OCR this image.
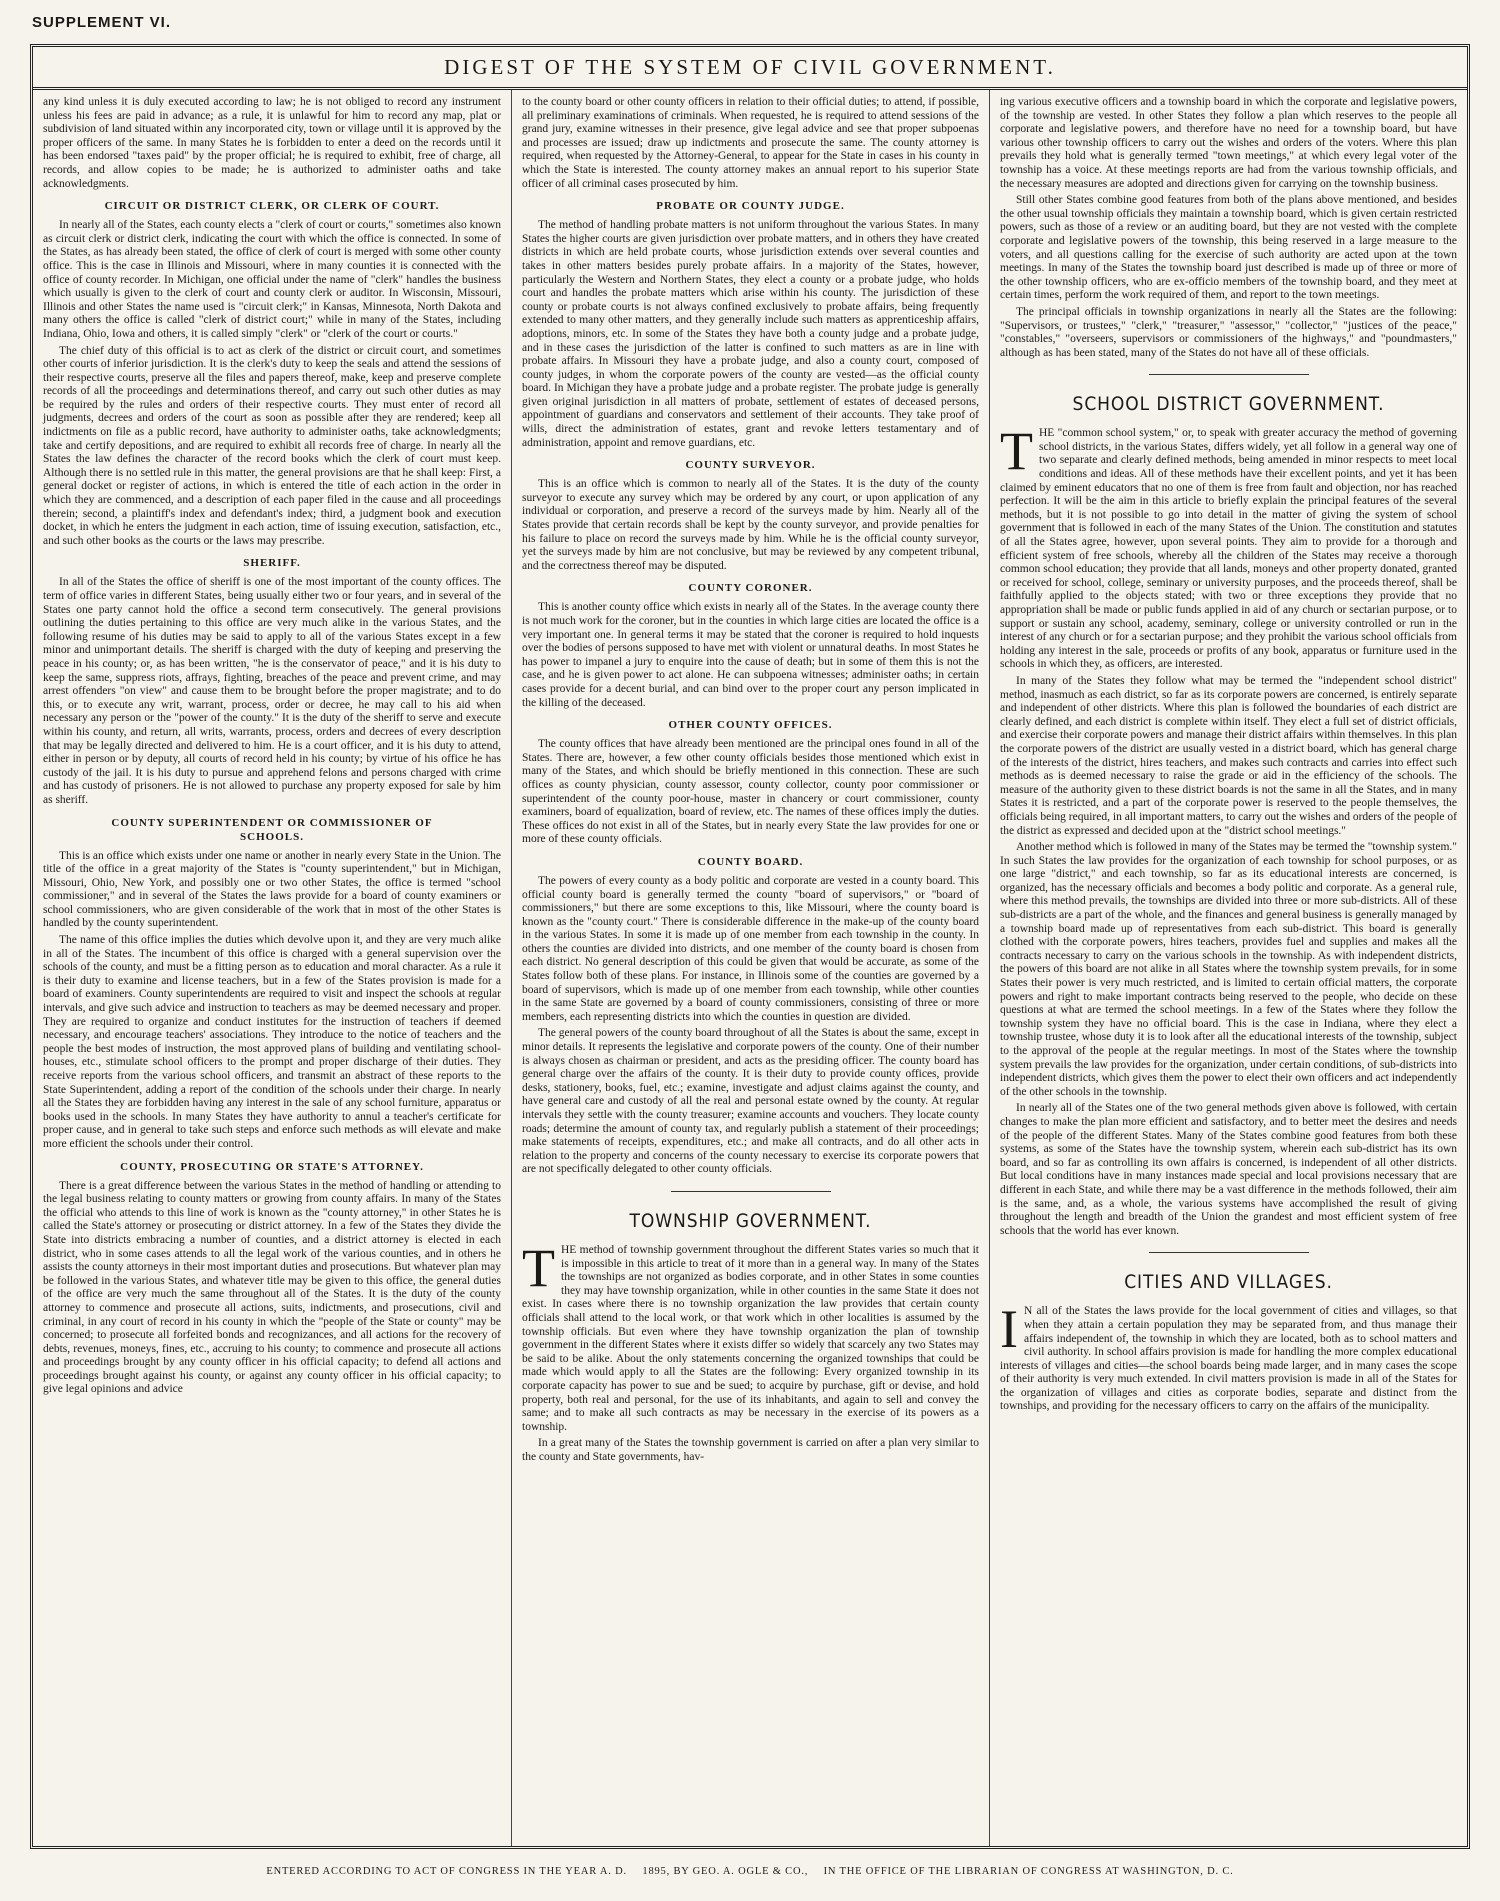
SUPPLEMENT VI.
DIGEST OF THE SYSTEM OF CIVIL GOVERNMENT.

any kind unless it is duly executed according to law; he is not obliged to record any instrument unless his fees are paid in advance; as a rule, it is unlawful for him to record any map, plat or subdivision of land situated within any incorporated city, town or village until it is approved by the proper officers of the same. In many States he is forbidden to enter a deed on the records until it has been endorsed "taxes paid" by the proper official; he is required to exhibit, free of charge, all records, and allow copies to be made; he is authorized to administer oaths and take acknowledgments.

CIRCUIT OR DISTRICT CLERK, OR CLERK OF COURT.

In nearly all of the States, each county elects a "clerk of court or courts," sometimes also known as circuit clerk or district clerk, indicating the court with which the office is connected. In some of the States, as has already been stated, the office of clerk of court is merged with some other county office. This is the case in Illinois and Missouri, where in many counties it is connected with the office of county recorder. In Michigan, one official under the name of "clerk" handles the business which usually is given to the clerk of court and county clerk or auditor. In Wisconsin, Missouri, Illinois and other States the name used is "circuit clerk;" in Kansas, Minnesota, North Dakota and many others the office is called "clerk of district court;" while in many of the States, including Indiana, Ohio, Iowa and others, it is called simply "clerk" or "clerk of the court or courts."

The chief duty of this official is to act as clerk of the district or circuit court, and sometimes other courts of inferior jurisdiction. It is the clerk's duty to keep the seals and attend the sessions of their respective courts, preserve all the files and papers thereof, make, keep and preserve complete records of all the proceedings and determinations thereof, and carry out such other duties as may be required by the rules and orders of their respective courts. They must enter of record all judgments, decrees and orders of the court as soon as possible after they are rendered; keep all indictments on file as a public record, have authority to administer oaths, take acknowledgments; take and certify depositions, and are required to exhibit all records free of charge. In nearly all the States the law defines the character of the record books which the clerk of court must keep. Although there is no settled rule in this matter, the general provisions are that he shall keep: First, a general docket or register of actions, in which is entered the title of each action in the order in which they are commenced, and a description of each paper filed in the cause and all proceedings therein; second, a plaintiff's index and defendant's index; third, a judgment book and execution docket, in which he enters the judgment in each action, time of issuing execution, satisfaction, etc., and such other books as the courts or the laws may prescribe.

SHERIFF.

In all of the States the office of sheriff is one of the most important of the county offices. The term of office varies in different States, being usually either two or four years, and in several of the States one party cannot hold the office a second term consecutively. The general provisions outlining the duties pertaining to this office are very much alike in the various States, and the following resume of his duties may be said to apply to all of the various States except in a few minor and unimportant details. The sheriff is charged with the duty of keeping and preserving the peace in his county; or, as has been written, "he is the conservator of peace," and it is his duty to keep the same, suppress riots, affrays, fighting, breaches of the peace and prevent crime, and may arrest offenders "on view" and cause them to be brought before the proper magistrate; and to do this, or to execute any writ, warrant, process, order or decree, he may call to his aid when necessary any person or the "power of the county." It is the duty of the sheriff to serve and execute within his county, and return, all writs, warrants, process, orders and decrees of every description that may be legally directed and delivered to him. He is a court officer, and it is his duty to attend, either in person or by deputy, all courts of record held in his county; by virtue of his office he has custody of the jail. It is his duty to pursue and apprehend felons and persons charged with crime and has custody of prisoners. He is not allowed to purchase any property exposed for sale by him as sheriff.

COUNTY SUPERINTENDENT OR COMMISSIONER OF
SCHOOLS.

This is an office which exists under one name or another in nearly every State in the Union. The title of the office in a great majority of the States is "county superintendent," but in Michigan, Missouri, Ohio, New York, and possibly one or two other States, the office is termed "school commissioner," and in several of the States the laws provide for a board of county examiners or school commissioners, who are given considerable of the work that in most of the other States is handled by the county superintendent.

The name of this office implies the duties which devolve upon it, and they are very much alike in all of the States. The incumbent of this office is charged with a general supervision over the schools of the county, and must be a fitting person as to education and moral character. As a rule it is their duty to examine and license teachers, but in a few of the States provision is made for a board of examiners. County superintendents are required to visit and inspect the schools at regular intervals, and give such advice and instruction to teachers as may be deemed necessary and proper. They are required to organize and conduct institutes for the instruction of teachers if deemed necessary, and encourage teachers' associations. They introduce to the notice of teachers and the people the best modes of instruction, the most approved plans of building and ventilating school-houses, etc., stimulate school officers to the prompt and proper discharge of their duties. They receive reports from the various school officers, and transmit an abstract of these reports to the State Superintendent, adding a report of the condition of the schools under their charge. In nearly all the States they are forbidden having any interest in the sale of any school furniture, apparatus or books used in the schools. In many States they have authority to annul a teacher's certificate for proper cause, and in general to take such steps and enforce such methods as will elevate and make more efficient the schools under their control.

COUNTY, PROSECUTING OR STATE'S ATTORNEY.

There is a great difference between the various States in the method of handling or attending to the legal business relating to county matters or growing from county affairs. In many of the States the official who attends to this line of work is known as the "county attorney," in other States he is called the State's attorney or prosecuting or district attorney. In a few of the States they divide the State into districts embracing a number of counties, and a district attorney is elected in each district, who in some cases attends to all the legal work of the various counties, and in others he assists the county attorneys in their most important duties and prosecutions. But whatever plan may be followed in the various States, and whatever title may be given to this office, the general duties of the office are very much the same throughout all of the States. It is the duty of the county attorney to commence and prosecute all actions, suits, indictments, and prosecutions, civil and criminal, in any court of record in his county in which the "people of the State or county" may be concerned; to prosecute all forfeited bonds and recognizances, and all actions for the recovery of debts, revenues, moneys, fines, etc., accruing to his county; to commence and prosecute all actions and proceedings brought by any county officer in his official capacity; to defend all actions and proceedings brought against his county, or against any county officer in his official capacity; to give legal opinions and advice

to the county board or other county officers in relation to their official duties; to attend, if possible, all preliminary examinations of criminals. When requested, he is required to attend sessions of the grand jury, examine witnesses in their presence, give legal advice and see that proper subpoenas and processes are issued; draw up indictments and prosecute the same. The county attorney is required, when requested by the Attorney-General, to appear for the State in cases in his county in which the State is interested. The county attorney makes an annual report to his superior State officer of all criminal cases prosecuted by him.

PROBATE OR COUNTY JUDGE.

The method of handling probate matters is not uniform throughout the various States. In many States the higher courts are given jurisdiction over probate matters, and in others they have created districts in which are held probate courts, whose jurisdiction extends over several counties and takes in other matters besides purely probate affairs. In a majority of the States, however, particularly the Western and Northern States, they elect a county or a probate judge, who holds court and handles the probate matters which arise within his county. The jurisdiction of these county or probate courts is not always confined exclusively to probate affairs, being frequently extended to many other matters, and they generally include such matters as apprenticeship affairs, adoptions, minors, etc. In some of the States they have both a county judge and a probate judge, and in these cases the jurisdiction of the latter is confined to such matters as are in line with probate affairs. In Missouri they have a probate judge, and also a county court, composed of county judges, in whom the corporate powers of the county are vested—as the official county board. In Michigan they have a probate judge and a probate register. The probate judge is generally given original jurisdiction in all matters of probate, settlement of estates of deceased persons, appointment of guardians and conservators and settlement of their accounts. They take proof of wills, direct the administration of estates, grant and revoke letters testamentary and of administration, appoint and remove guardians, etc.

COUNTY SURVEYOR.

This is an office which is common to nearly all of the States. It is the duty of the county surveyor to execute any survey which may be ordered by any court, or upon application of any individual or corporation, and preserve a record of the surveys made by him. Nearly all of the States provide that certain records shall be kept by the county surveyor, and provide penalties for his failure to place on record the surveys made by him. While he is the official county surveyor, yet the surveys made by him are not conclusive, but may be reviewed by any competent tribunal, and the correctness thereof may be disputed.

COUNTY CORONER.

This is another county office which exists in nearly all of the States. In the average county there is not much work for the coroner, but in the counties in which large cities are located the office is a very important one. In general terms it may be stated that the coroner is required to hold inquests over the bodies of persons supposed to have met with violent or unnatural deaths. In most States he has power to impanel a jury to enquire into the cause of death; but in some of them this is not the case, and he is given power to act alone. He can subpoena witnesses; administer oaths; in certain cases provide for a decent burial, and can bind over to the proper court any person implicated in the killing of the deceased.

OTHER COUNTY OFFICES.

The county offices that have already been mentioned are the principal ones found in all of the States. There are, however, a few other county officials besides those mentioned which exist in many of the States, and which should be briefly mentioned in this connection. These are such offices as county physician, county assessor, county collector, county poor commissioner or superintendent of the county poor-house, master in chancery or court commissioner, county examiners, board of equalization, board of review, etc. The names of these offices imply the duties. These offices do not exist in all of the States, but in nearly every State the law provides for one or more of these county officials.

COUNTY BOARD.

The powers of every county as a body politic and corporate are vested in a county board. This official county board is generally termed the county "board of supervisors," or "board of commissioners," but there are some exceptions to this, like Missouri, where the county board is known as the "county court." There is considerable difference in the make-up of the county board in the various States. In some it is made up of one member from each township in the county. In others the counties are divided into districts, and one member of the county board is chosen from each district. No general description of this could be given that would be accurate, as some of the States follow both of these plans. For instance, in Illinois some of the counties are governed by a board of supervisors, which is made up of one member from each township, while other counties in the same State are governed by a board of county commissioners, consisting of three or more members, each representing districts into which the counties in question are divided.

The general powers of the county board throughout of all the States is about the same, except in minor details. It represents the legislative and corporate powers of the county. One of their number is always chosen as chairman or president, and acts as the presiding officer. The county board has general charge over the affairs of the county. It is their duty to provide county offices, provide desks, stationery, books, fuel, etc.; examine, investigate and adjust claims against the county, and have general care and custody of all the real and personal estate owned by the county. At regular intervals they settle with the county treasurer; examine accounts and vouchers. They locate county roads; determine the amount of county tax, and regularly publish a statement of their proceedings; make statements of receipts, expenditures, etc.; and make all contracts, and do all other acts in relation to the property and concerns of the county necessary to exercise its corporate powers that are not specifically delegated to other county officials.

TOWNSHIP GOVERNMENT.

THE method of township government throughout the different States varies so much that it is impossible in this article to treat of it more than in a general way. In many of the States the townships are not organized as bodies corporate, and in other States in some counties they may have township organization, while in other counties in the same State it does not exist. In cases where there is no township organization the law provides that certain county officials shall attend to the local work, or that work which in other localities is assumed by the township officials. But even where they have township organization the plan of township government in the different States where it exists differ so widely that scarcely any two States may be said to be alike. About the only statements concerning the organized townships that could be made which would apply to all the States are the following: Every organized township in its corporate capacity has power to sue and be sued; to acquire by purchase, gift or devise, and hold property, both real and personal, for the use of its inhabitants, and again to sell and convey the same; and to make all such contracts as may be necessary in the exercise of its powers as a township.

In a great many of the States the township government is carried on after a plan very similar to the county and State governments, hav-

ing various executive officers and a township board in which the corporate and legislative powers, of the township are vested. In other States they follow a plan which reserves to the people all corporate and legislative powers, and therefore have no need for a township board, but have various other township officers to carry out the wishes and orders of the voters. Where this plan prevails they hold what is generally termed "town meetings," at which every legal voter of the township has a voice. At these meetings reports are had from the various township officials, and the necessary measures are adopted and directions given for carrying on the township business.

Still other States combine good features from both of the plans above mentioned, and besides the other usual township officials they maintain a township board, which is given certain restricted powers, such as those of a review or an auditing board, but they are not vested with the complete corporate and legislative powers of the township, this being reserved in a large measure to the voters, and all questions calling for the exercise of such authority are acted upon at the town meetings. In many of the States the township board just described is made up of three or more of the other township officers, who are ex-officio members of the township board, and they meet at certain times, perform the work required of them, and report to the town meetings.

The principal officials in township organizations in nearly all the States are the following: "Supervisors, or trustees," "clerk," "treasurer," "assessor," "collector," "justices of the peace," "constables," "overseers, supervisors or commissioners of the highways," and "poundmasters," although as has been stated, many of the States do not have all of these officials.

SCHOOL DISTRICT GOVERNMENT.

THE "common school system," or, to speak with greater accuracy the method of governing school districts, in the various States, differs widely, yet all follow in a general way one of two separate and clearly defined methods, being amended in minor respects to meet local conditions and ideas. All of these methods have their excellent points, and yet it has been claimed by eminent educators that no one of them is free from fault and objection, nor has reached perfection. It will be the aim in this article to briefly explain the principal features of the several methods, but it is not possible to go into detail in the matter of giving the system of school government that is followed in each of the many States of the Union. The constitution and statutes of all the States agree, however, upon several points. They aim to provide for a thorough and efficient system of free schools, whereby all the children of the States may receive a thorough common school education; they provide that all lands, moneys and other property donated, granted or received for school, college, seminary or university purposes, and the proceeds thereof, shall be faithfully applied to the objects stated; with two or three exceptions they provide that no appropriation shall be made or public funds applied in aid of any church or sectarian purpose, or to support or sustain any school, academy, seminary, college or university controlled or run in the interest of any church or for a sectarian purpose; and they prohibit the various school officials from holding any interest in the sale, proceeds or profits of any book, apparatus or furniture used in the schools in which they, as officers, are interested.

In many of the States they follow what may be termed the "independent school district" method, inasmuch as each district, so far as its corporate powers are concerned, is entirely separate and independent of other districts. Where this plan is followed the boundaries of each district are clearly defined, and each district is complete within itself. They elect a full set of district officials, and exercise their corporate powers and manage their district affairs within themselves. In this plan the corporate powers of the district are usually vested in a district board, which has general charge of the interests of the district, hires teachers, and makes such contracts and carries into effect such methods as is deemed necessary to raise the grade or aid in the efficiency of the schools. The measure of the authority given to these district boards is not the same in all the States, and in many States it is restricted, and a part of the corporate power is reserved to the people themselves, the officials being required, in all important matters, to carry out the wishes and orders of the people of the district as expressed and decided upon at the "district school meetings."

Another method which is followed in many of the States may be termed the "township system." In such States the law provides for the organization of each township for school purposes, or as one large "district," and each township, so far as its educational interests are concerned, is organized, has the necessary officials and becomes a body politic and corporate. As a general rule, where this method prevails, the townships are divided into three or more sub-districts. All of these sub-districts are a part of the whole, and the finances and general business is generally managed by a township board made up of representatives from each sub-district. This board is generally clothed with the corporate powers, hires teachers, provides fuel and supplies and makes all the contracts necessary to carry on the various schools in the township. As with independent districts, the powers of this board are not alike in all States where the township system prevails, for in some States their power is very much restricted, and is limited to certain official matters, the corporate powers and right to make important contracts being reserved to the people, who decide on these questions at what are termed the school meetings. In a few of the States where they follow the township system they have no official board. This is the case in Indiana, where they elect a township trustee, whose duty it is to look after all the educational interests of the township, subject to the approval of the people at the regular meetings. In most of the States where the township system prevails the law provides for the organization, under certain conditions, of sub-districts into independent districts, which gives them the power to elect their own officers and act independently of the other schools in the township.

In nearly all of the States one of the two general methods given above is followed, with certain changes to make the plan more efficient and satisfactory, and to better meet the desires and needs of the people of the different States. Many of the States combine good features from both these systems, as some of the States have the township system, wherein each sub-district has its own board, and so far as controlling its own affairs is concerned, is independent of all other districts. But local conditions have in many instances made special and local provisions necessary that are different in each State, and while there may be a vast difference in the methods followed, their aim is the same, and, as a whole, the various systems have accomplished the result of giving throughout the length and breadth of the Union the grandest and most efficient system of free schools that the world has ever known.

CITIES AND VILLAGES.

I N all of the States the laws provide for the local government of cities and villages, so that when they attain a certain population they may be separated from, and thus manage their affairs independent of, the township in which they are located, both as to school matters and civil authority. In school affairs provision is made for handling the more complex educational interests of villages and cities—the school boards being made larger, and in many cases the scope of their authority is very much extended. In civil matters provision is made in all of the States for the organization of villages and cities as corporate bodies, separate and distinct from the townships, and providing for the necessary officers to carry on the affairs of the municipality.

ENTERED ACCORDING TO ACT OF CONGRESS IN THE YEAR A. D. 1895, BY GEO. A. OGLE & CO., IN THE OFFICE OF THE LIBRARIAN OF CONGRESS AT WASHINGTON, D. C.
